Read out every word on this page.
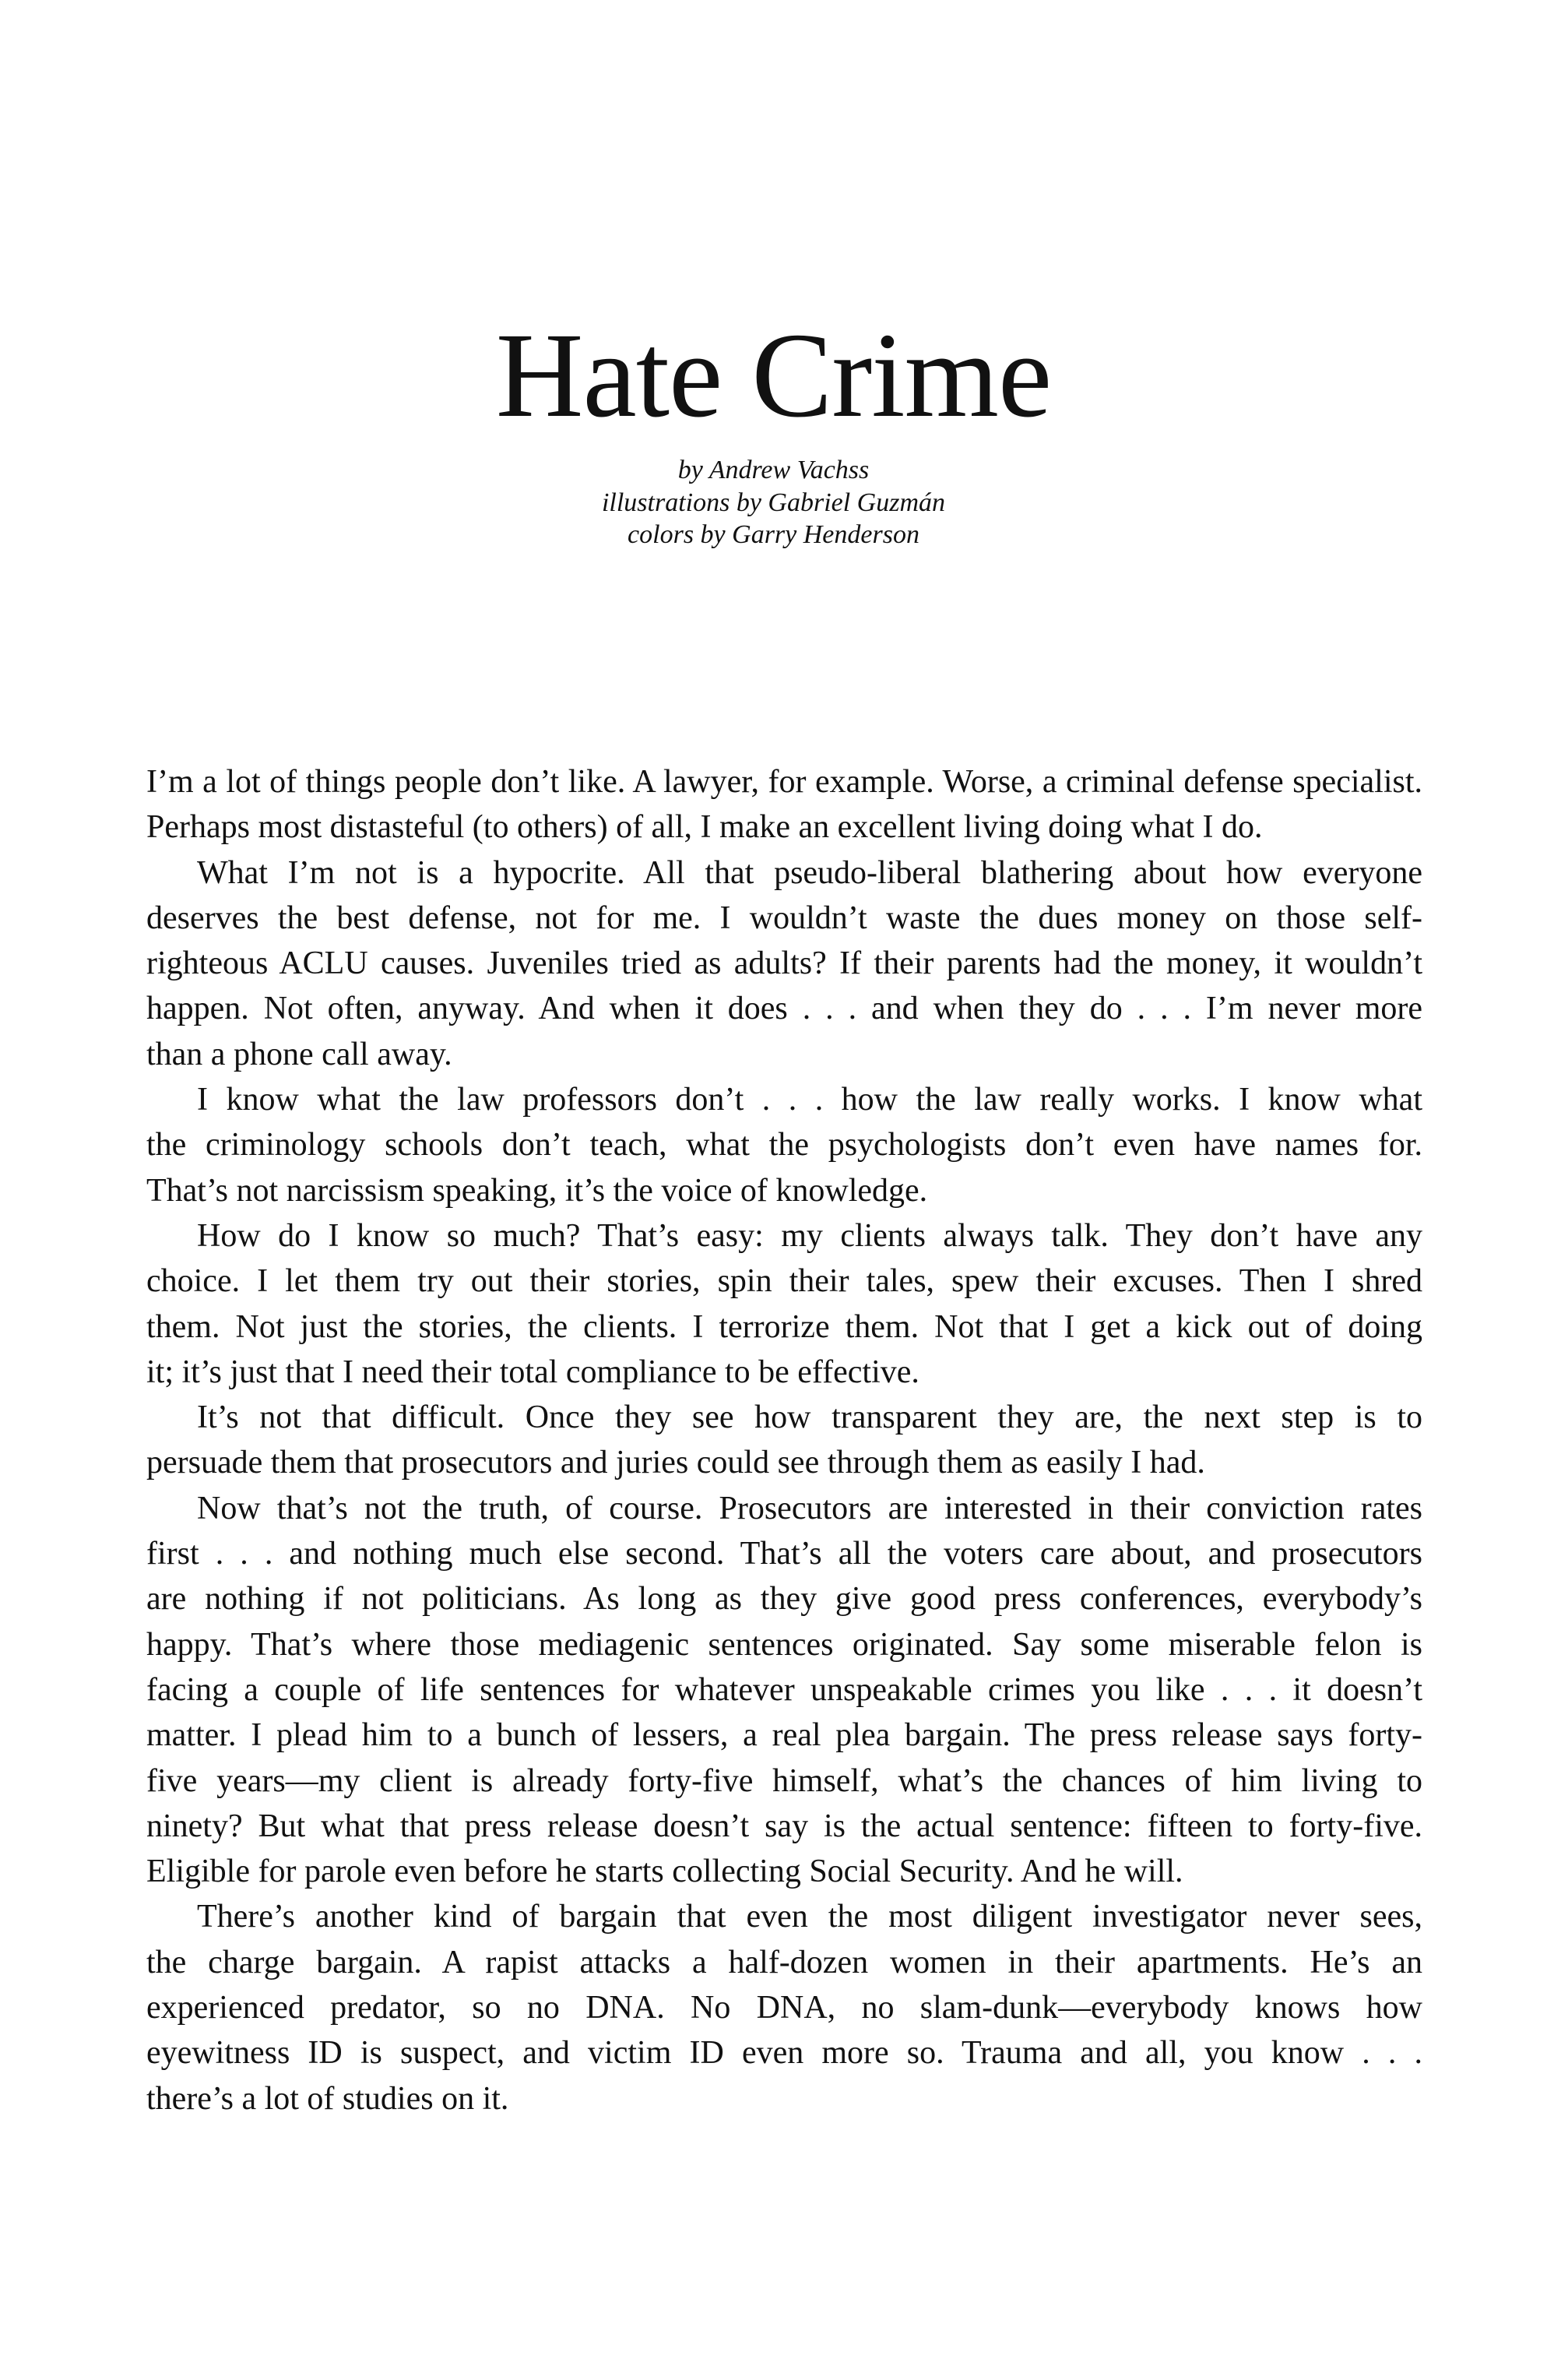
Hate Crime
by Andrew Vachss
illustrations by Gabriel Guzmán
colors by Garry Henderson

I’m a lot of things people don’t like. A lawyer, for example. Worse, a criminal defense specialist.
Perhaps most distasteful (to others) of all, I make an excellent living doing what I do.

What I’m not is a hypocrite. All that pseudo-liberal blathering about how everyone
deserves the best defense, not for me. I wouldn’t waste the dues money on those self-
righteous ACLU causes. Juveniles tried as adults? If their parents had the money, it wouldn’t
happen. Not often, anyway. And when it does . . . and when they do . . . I’m never more
than a phone call away.

I know what the law professors don’t . . . how the law really works. I know what
the criminology schools don’t teach, what the psychologists don’t even have names for.
That’s not narcissism speaking, it’s the voice of knowledge.

How do I know so much? That’s easy: my clients always talk. They don’t have any
choice. I let them try out their stories, spin their tales, spew their excuses. Then I shred
them. Not just the stories, the clients. I terrorize them. Not that I get a kick out of doing
it; it’s just that I need their total compliance to be effective.

It’s not that difficult. Once they see how transparent they are, the next step is to
persuade them that prosecutors and juries could see through them as easily I had.

Now that’s not the truth, of course. Prosecutors are interested in their conviction rates
first . . . and nothing much else second. That’s all the voters care about, and prosecutors
are nothing if not politicians. As long as they give good press conferences, everybody’s
happy. That’s where those mediagenic sentences originated. Say some miserable felon is
facing a couple of life sentences for whatever unspeakable crimes you like . . . it doesn’t
matter. I plead him to a bunch of lessers, a real plea bargain. The press release says forty-
five years—my client is already forty-five himself, what’s the chances of him living to
ninety? But what that press release doesn’t say is the actual sentence: fifteen to forty-five.
Eligible for parole even before he starts collecting Social Security. And he will.

There’s another kind of bargain that even the most diligent investigator never sees,
the charge bargain. A rapist attacks a half-dozen women in their apartments. He’s an
experienced predator, so no DNA. No DNA, no slam-dunk—everybody knows how
eyewitness ID is suspect, and victim ID even more so. Trauma and all, you know . . .
there’s a lot of studies on it.
